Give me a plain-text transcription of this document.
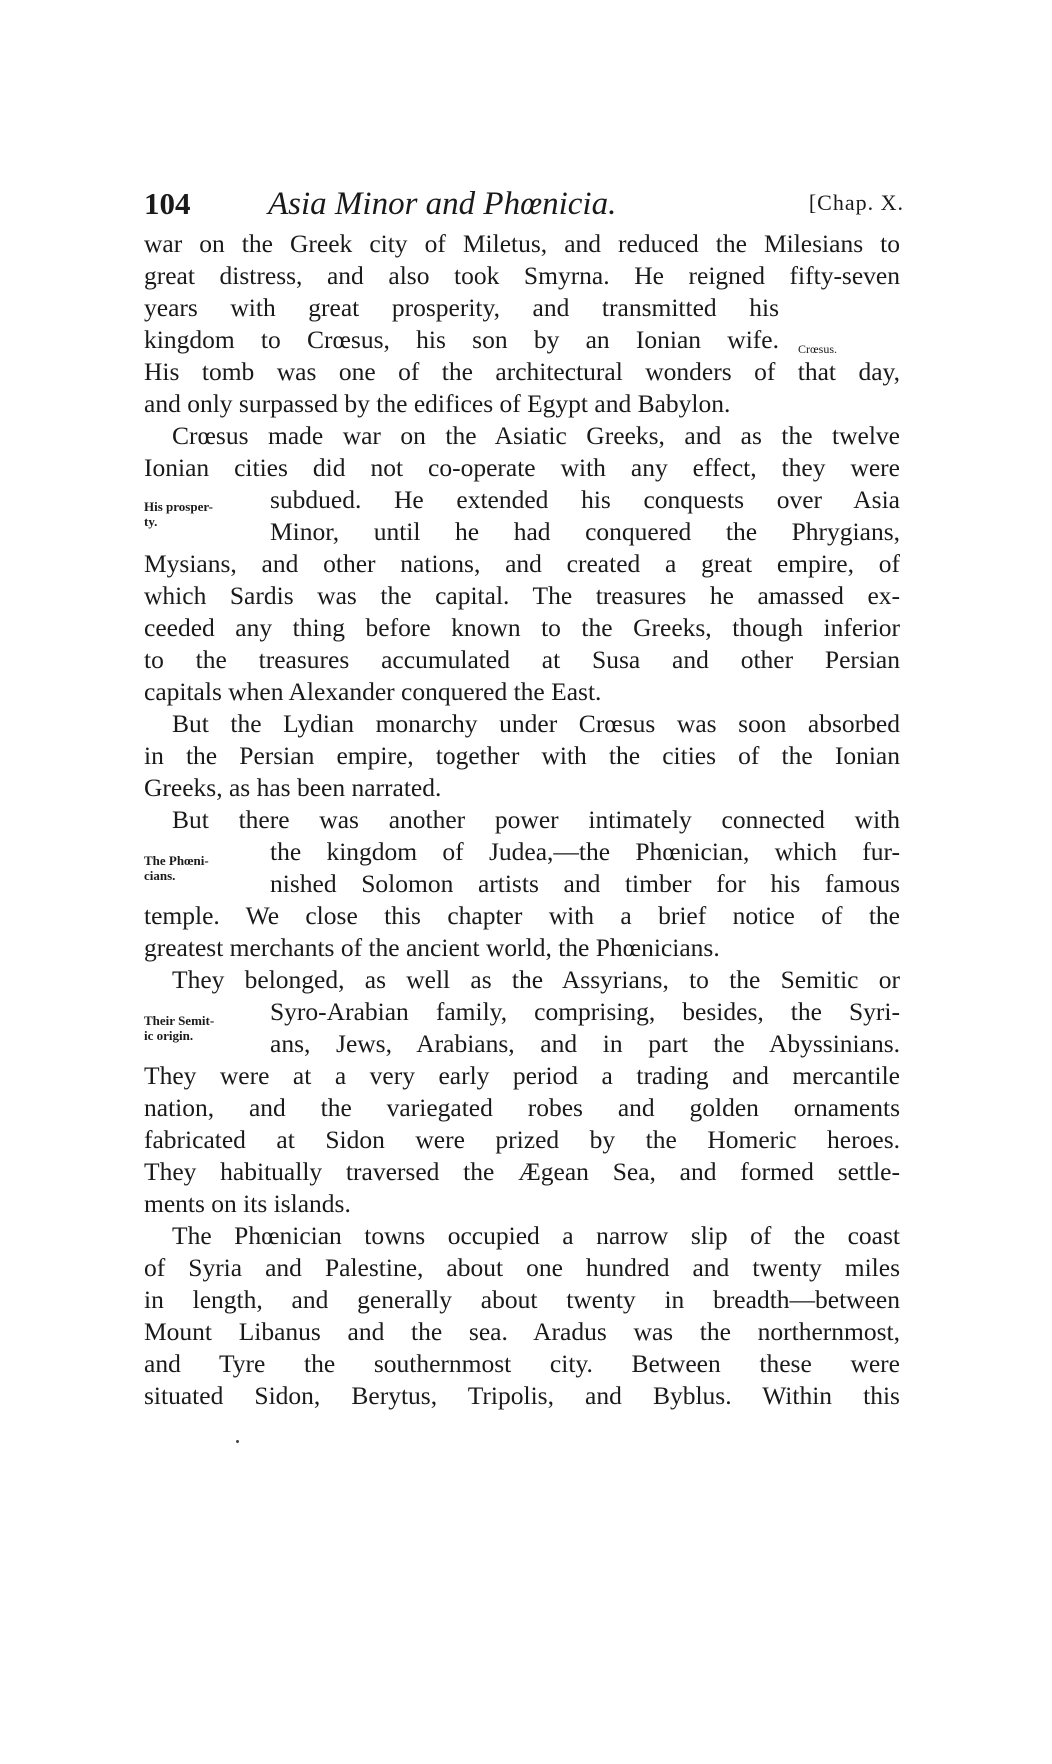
104 Asia Minor and Phœnicia.	[Chap. X.
war on the Greek city of Miletus, and reduced the Milesians to
great distress, and also took Smyrna. He reigned fifty-seven
years with great prosperity, and transmitted his
kingdom to Crœsus, his son by an Ionian wife.
His tomb was one of the architectural wonders of that day,
and only surpassed by the edifices of Egypt and Babylon.
Crœsus made war on the Asiatic Greeks, and as the twelve
Ionian cities did not co-operate with any effect, they were
subdued. He extended his conquests over Asia
Minor, until he had conquered the Phrygians,
Mysians, and other nations, and created a great empire, of
which Sardis was the capital. The treasures he amassed ex-
ceeded any thing before known to the Greeks, though inferior
to the treasures accumulated at Susa and other Persian
capitals when Alexander conquered the East.
But the Lydian monarchy under Crœsus was soon absorbed
in the Persian empire, together with the cities of the Ionian
Greeks, as has been narrated.
But there was another power intimately connected with
the kingdom of Judea,—the Phœnician, which fur-
nished Solomon artists and timber for his famous
temple. We close this chapter with a brief notice of the
greatest merchants of the ancient world, the Phœnicians.
They belonged, as well as the Assyrians, to the Semitic or
Syro-Arabian family, comprising, besides, the Syri-
ans, Jews, Arabians, and in part the Abyssinians.
They were at a very early period a trading and mercantile
nation, and the variegated robes and golden ornaments
fabricated at Sidon were prized by the Homeric heroes.
They habitually traversed the Ægean Sea, and formed settle-
ments on its islands.
The Phœnician towns occupied a narrow slip of the coast
of Syria and Palestine, about one hundred and twenty miles
in length, and generally about twenty in breadth—between
Mount Libanus and the sea. Aradus was the northernmost,
and Tyre the southernmost city. Between these were
situated Sidon, Berytus, Tripolis, and Byblus. Within this
Crœsus.
His prosper-
ty.
The Phœni-
cians.
Their Semit-
ic origin.
